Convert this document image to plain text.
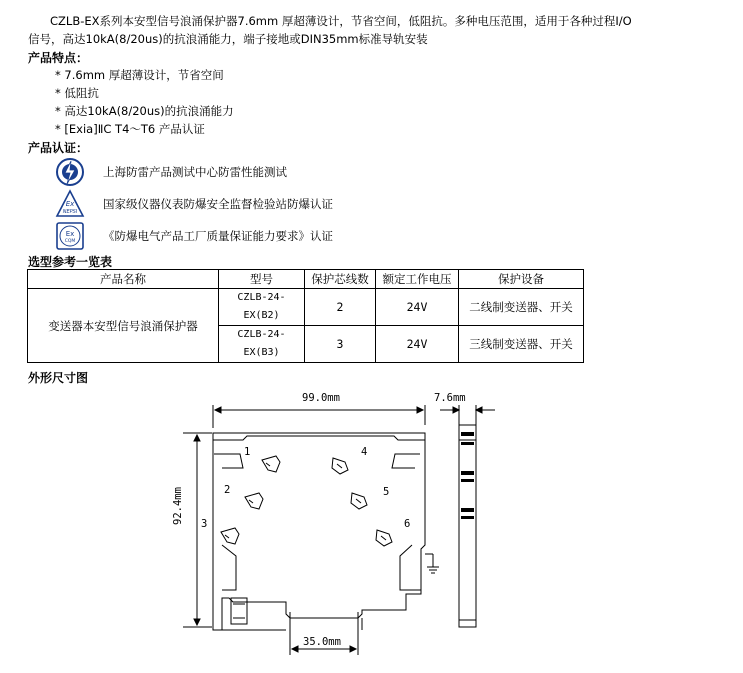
CZLB-EX系列本安型信号浪涌保护器7.6mm 厚超薄设计，节省空间，低阻抗。多种电压范围，适用于各种过程I/O
信号，高达10kA(8/20us)的抗浪涌能力，端子接地或DIN35mm标准导轨安装
产品特点：
* 7.6mm 厚超薄设计，节省空间
* 低阻抗
* 高达10kA(8/20us)的抗浪涌能力
* [Exia]ⅡC T4～T6 产品认证
产品认证：
上海防雷产品测试中心防雷性能测试
Ex
NEPSI
国家级仪器仪表防爆安全监督检验站防爆认证
Ex
CQM 《防爆电气产品工厂质量保证能力要求》认证
选型参考一览表
产品名称	型号	保护芯线数	额定工作电压	保护设备
变送器本安型信号浪涌保护器	CZLB-24-
EX(B2)	2	24V	二线制变送器、开关

	CZLB-24-
EX(B3)	3	24V	三线制变送器、开关
外形尺寸图
99.0mm	7.6mm
92.4mm
35.0mm
1
2
3
4
5
6
